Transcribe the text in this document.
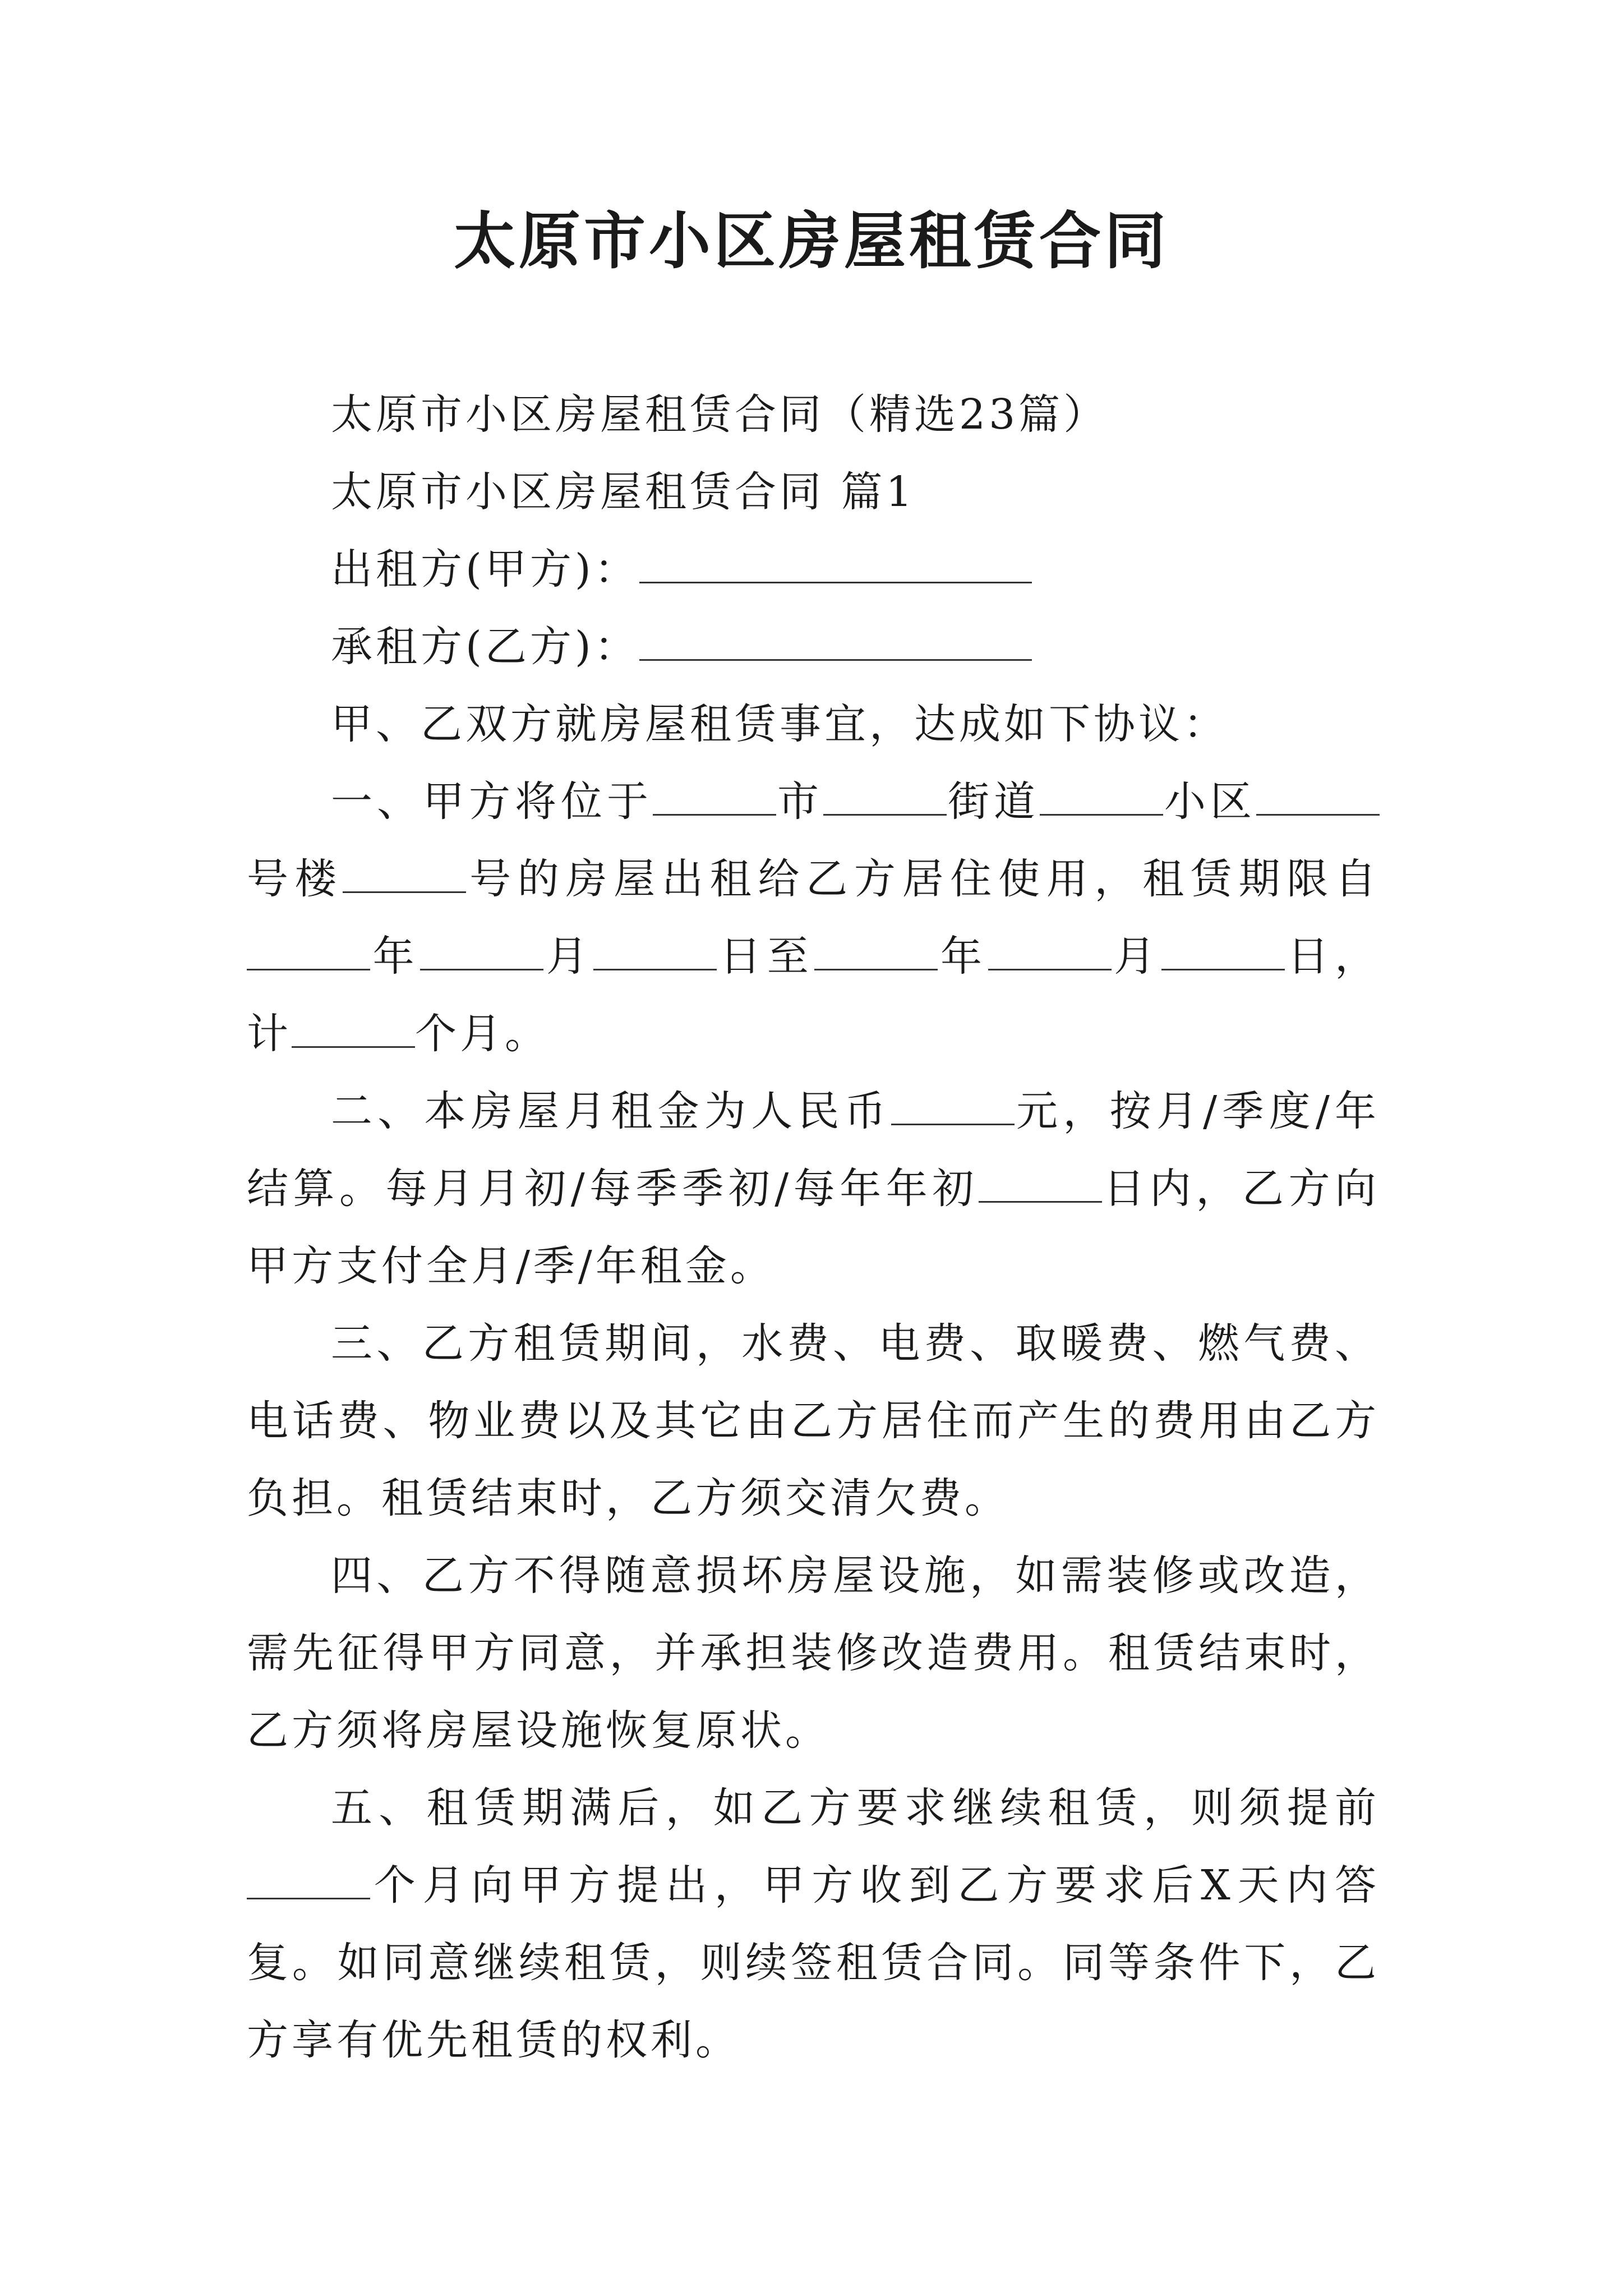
太原市小区房屋租赁合同

太原市小区房屋租赁合同（精选23篇）

太原市小区房屋租赁合同 篇1

出租方(甲方)：

承租方(乙方)：

甲、乙双方就房屋租赁事宜，达成如下协议：

一、甲方将位于	市	街道	小区号楼	号的房屋出租给乙方居住使用，租赁期限自年	月	日至	年	月	日，计	个月。

二、本房屋月租金为人民币	元，按月/季度/年结算。每月月初/每季季初/每年年初	日内，乙方向甲方支付全月/季/年租金。

三、乙方租赁期间，水费、电费、取暖费、燃气费、电话费、物业费以及其它由乙方居住而产生的费用由乙方负担。租赁结束时，乙方须交清欠费。

四、乙方不得随意损坏房屋设施，如需装修或改造，需先征得甲方同意，并承担装修改造费用。租赁结束时，乙方须将房屋设施恢复原状。

五、租赁期满后，如乙方要求继续租赁，则须提前个月向甲方提出，甲方收到乙方要求后X天内答复。如同意继续租赁，则续签租赁合同。同等条件下，乙方享有优先租赁的权利。
